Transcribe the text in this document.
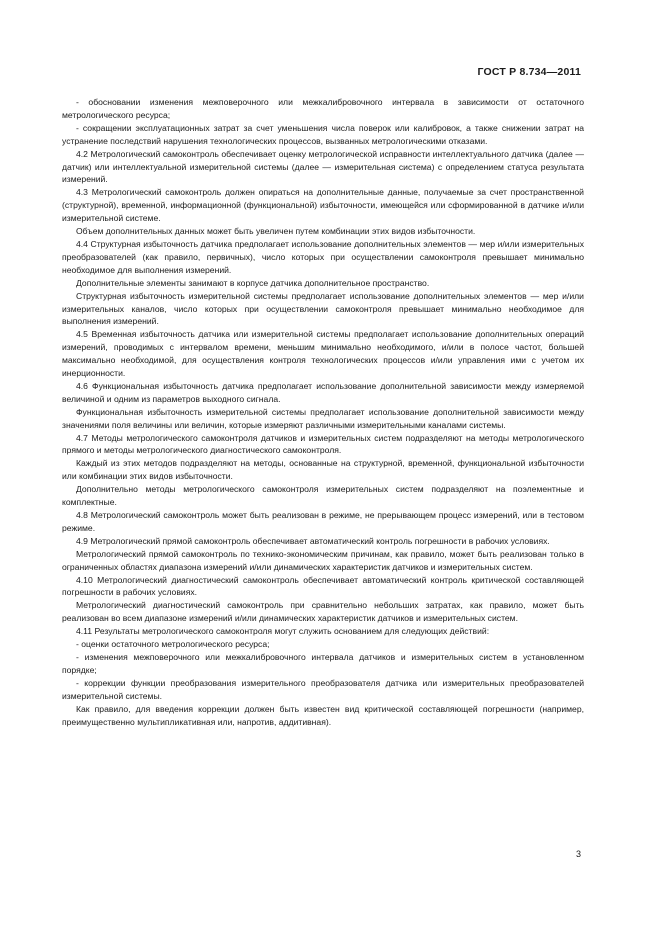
ГОСТ Р 8.734—2011

- обосновании изменения межповерочного или межкалибровочного интервала в зависимости от остаточного метрологического ресурса;

- сокращении эксплуатационных затрат за счет уменьшения числа поверок или калибровок, а также снижении затрат на устранение последствий нарушения технологических процессов, вызванных метрологическими отказами.

4.2 Метрологический самоконтроль обеспечивает оценку метрологической исправности интеллектуального датчика (далее — датчик) или интеллектуальной измерительной системы (далее — измерительная система) с определением статуса результата измерений.

4.3 Метрологический самоконтроль должен опираться на дополнительные данные, получаемые за счет пространственной (структурной), временной, информационной (функциональной) избыточности, имеющейся или сформированной в датчике и/или измерительной системе.

Объем дополнительных данных может быть увеличен путем комбинации этих видов избыточности.

4.4 Структурная избыточность датчика предполагает использование дополнительных элементов — мер и/или измерительных преобразователей (как правило, первичных), число которых при осуществлении самоконтроля превышает минимально необходимое для выполнения измерений.

Дополнительные элементы занимают в корпусе датчика дополнительное пространство.

Структурная избыточность измерительной системы предполагает использование дополнительных элементов — мер и/или измерительных каналов, число которых при осуществлении самоконтроля превышает минимально необходимое для выполнения измерений.

4.5 Временная избыточность датчика или измерительной системы предполагает использование дополнительных операций измерений, проводимых с интервалом времени, меньшим минимально необходимого, и/или в полосе частот, большей максимально необходимой, для осуществления контроля технологических процессов и/или управления ими с учетом их инерционности.

4.6 Функциональная избыточность датчика предполагает использование дополнительной зависимости между измеряемой величиной и одним из параметров выходного сигнала.

Функциональная избыточность измерительной системы предполагает использование дополнительной зависимости между значениями поля величины или величин, которые измеряют различными измерительными каналами системы.

4.7 Методы метрологического самоконтроля датчиков и измерительных систем подразделяют на методы метрологического прямого и методы метрологического диагностического самоконтроля.

Каждый из этих методов подразделяют на методы, основанные на структурной, временной, функциональной избыточности или комбинации этих видов избыточности.

Дополнительно методы метрологического самоконтроля измерительных систем подразделяют на поэлементные и комплектные.

4.8 Метрологический самоконтроль может быть реализован в режиме, не прерывающем процесс измерений, или в тестовом режиме.

4.9 Метрологический прямой самоконтроль обеспечивает автоматический контроль погрешности в рабочих условиях.

Метрологический прямой самоконтроль по технико-экономическим причинам, как правило, может быть реализован только в ограниченных областях диапазона измерений и/или динамических характеристик датчиков и измерительных систем.

4.10 Метрологический диагностический самоконтроль обеспечивает автоматический контроль критической составляющей погрешности в рабочих условиях.

Метрологический диагностический самоконтроль при сравнительно небольших затратах, как правило, может быть реализован во всем диапазоне измерений и/или динамических характеристик датчиков и измерительных систем.

4.11 Результаты метрологического самоконтроля могут служить основанием для следующих действий:

- оценки остаточного метрологического ресурса;

- изменения межповерочного или межкалибровочного интервала датчиков и измерительных систем в установленном порядке;

- коррекции функции преобразования измерительного преобразователя датчика или измерительных преобразователей измерительной системы.

Как правило, для введения коррекции должен быть известен вид критической составляющей погрешности (например, преимущественно мультипликативная или, напротив, аддитивная).

3
